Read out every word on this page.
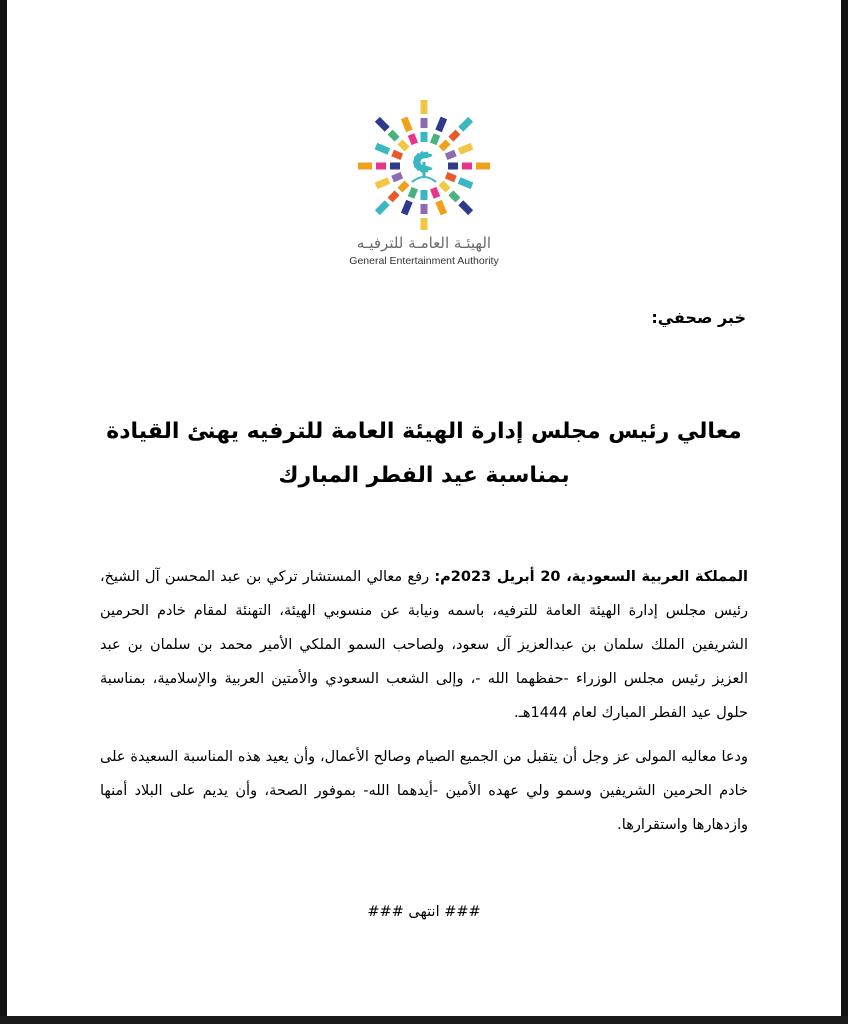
الهيئـة العامـة للترفيـه
General Entertainment Authority
خبر صحفي:
معالي رئيس مجلس إدارة الهيئة العامة للترفيه يهنئ القيادة بمناسبة عيد الفطر المبارك
المملكة العربية السعودية، 20 أبريل 2023م: رفع معالي المستشار تركي بن عبد المحسن آل الشيخ، رئيس مجلس إدارة الهيئة العامة للترفيه، باسمه ونيابة عن منسوبي الهيئة، التهنئة لمقام خادم الحرمين الشريفين الملك سلمان بن عبدالعزيز آل سعود، ولصاحب السمو الملكي الأمير محمد بن سلمان بن عبد العزيز رئيس مجلس الوزراء -حفظهما الله -، وإلى الشعب السعودي والأمتين العربية والإسلامية، بمناسبة حلول عيد الفطر المبارك لعام 1444هـ.
ودعا معاليه المولى عز وجل أن يتقبل من الجميع الصيام وصالح الأعمال، وأن يعيد هذه المناسبة السعيدة على خادم الحرمين الشريفين وسمو ولي عهده الأمين -أيدهما الله- بموفور الصحة، وأن يديم على البلاد أمنها وازدهارها واستقرارها.
### انتهى ###
